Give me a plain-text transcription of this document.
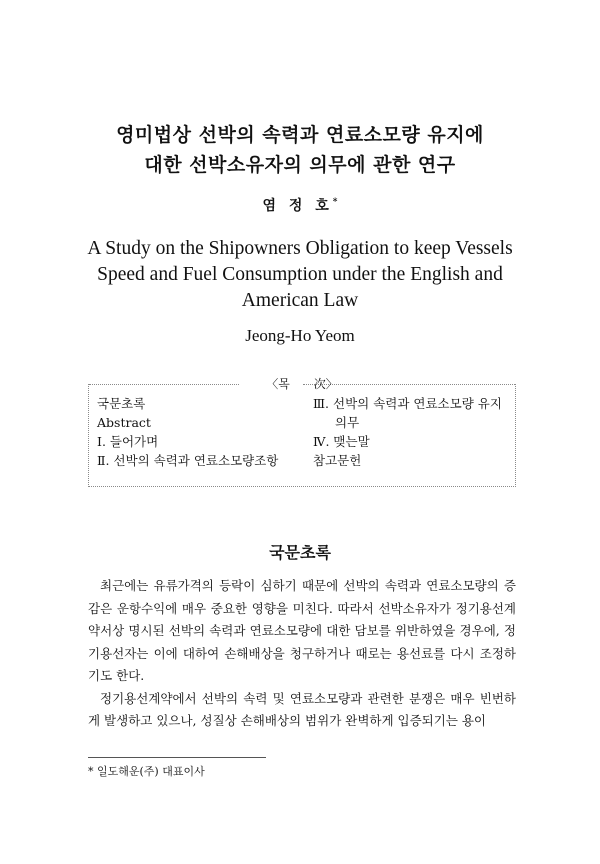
영미법상 선박의 속력과 연료소모량 유지에
대한 선박소유자의 의무에 관한 연구
염 정 호*
A Study on the Shipowners Obligation to keep Vessels
Speed and Fuel Consumption under the English and
American Law
Jeong-Ho Yeom
〈목 次〉
국문초록
Abstract
Ⅰ. 들어가며
Ⅱ. 선박의 속력과 연료소모량조항
Ⅲ. 선박의 속력과 연료소모량 유지
의무
Ⅳ. 맺는말
참고문헌
국문초록

최근에는 유류가격의 등락이 심하기 때문에 선박의 속력과 연료소모량의 증감은 운항수익에 매우 중요한 영향을 미친다. 따라서 선박소유자가 정기용선계약서상 명시된 선박의 속력과 연료소모량에 대한 담보를 위반하였을 경우에, 정기용선자는 이에 대하여 손해배상을 청구하거나 때로는 용선료를 다시 조정하기도 한다.

정기용선계약에서 선박의 속력 및 연료소모량과 관련한 분쟁은 매우 빈번하게 발생하고 있으나, 성질상 손해배상의 범위가 완벽하게 입증되기는 용이

* 일도해운(주) 대표이사
